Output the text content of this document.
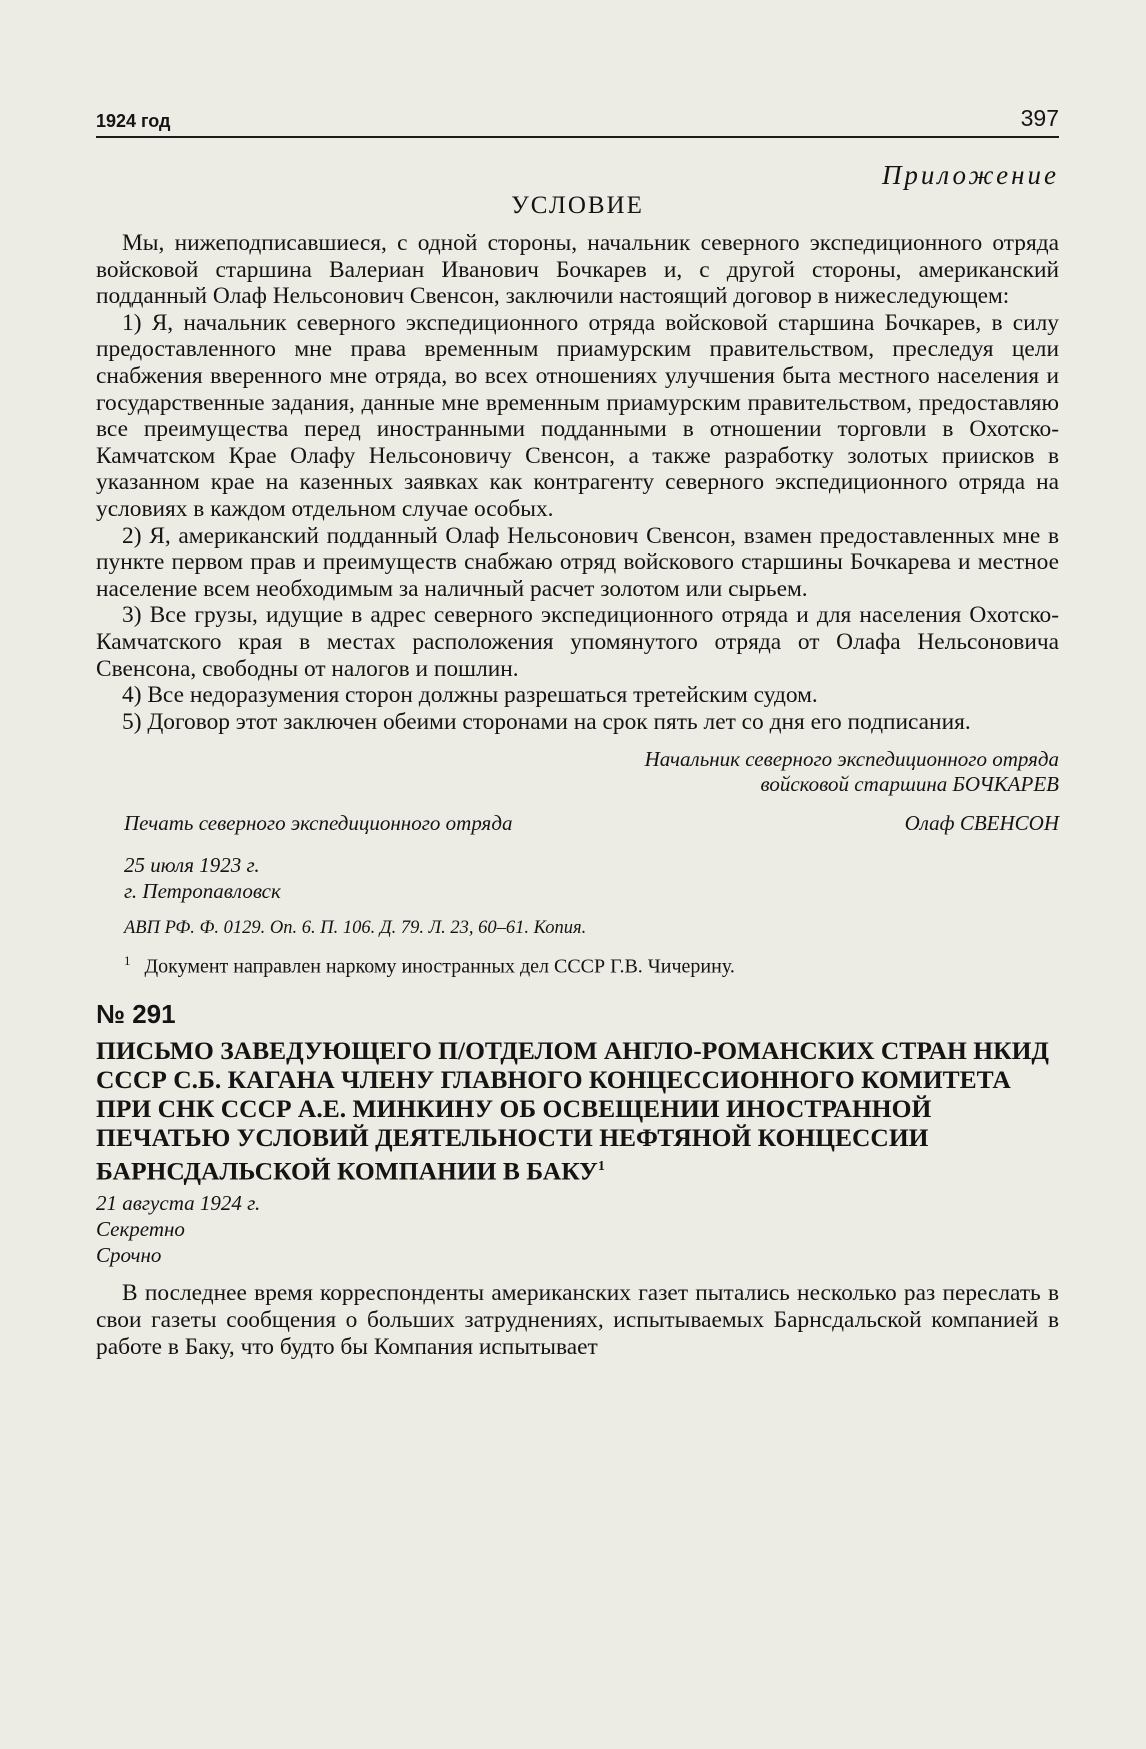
1924 год	397
Приложение
УСЛОВИЕ

Мы, нижеподписавшиеся, с одной стороны, начальник северного экспедиционного отряда войсковой старшина Валериан Иванович Бочкарев и, с другой стороны, американский подданный Олаф Нельсонович Свенсон, заключили настоящий договор в нижеследующем:

1) Я, начальник северного экспедиционного отряда войсковой старшина Бочкарев, в силу предоставленного мне права временным приамурским правительством, преследуя цели снабжения вверенного мне отряда, во всех отношениях улучшения быта местного населения и государственные задания, данные мне временным приамурским правительством, предоставляю все преимущества перед иностранными подданными в отношении торговли в Охотско-Камчатском Крае Олафу Нельсоновичу Свенсон, а также разработку золотых приисков в указанном крае на казенных заявках как контрагенту северного экспедиционного отряда на условиях в каждом отдельном случае особых.

2) Я, американский подданный Олаф Нельсонович Свенсон, взамен предоставленных мне в пункте первом прав и преимуществ снабжаю отряд войскового старшины Бочкарева и местное население всем необходимым за наличный расчет золотом или сырьем.

3) Все грузы, идущие в адрес северного экспедиционного отряда и для населения Охотско-Камчатского края в местах расположения упомянутого отряда от Олафа Нельсоновича Свенсона, свободны от налогов и пошлин.

4) Все недоразумения сторон должны разрешаться третейским судом.

5) Договор этот заключен обеими сторонами на срок пять лет со дня его подписания.

Начальник северного экспедиционного отряда

войсковой старшина БОЧКАРЕВ

Печать северного экспедиционного отряда	Олаф СВЕНСОН

25 июля 1923 г.

г. Петропавловск

АВП РФ. Ф. 0129. Оп. 6. П. 106. Д. 79. Л. 23, 60–61. Копия.
$^1$ Документ направлен наркому иностранных дел СССР Г.В. Чичерину.
№ 291

ПИСЬМО ЗАВЕДУЮЩЕГО П/ОТДЕЛОМ АНГЛО-РОМАНСКИХ СТРАН НКИД СССР С.Б. КАГАНА ЧЛЕНУ ГЛАВНОГО КОНЦЕССИОННОГО КОМИТЕТА ПРИ СНК СССР А.Е. МИНКИНУ ОБ ОСВЕЩЕНИИ ИНОСТРАННОЙ ПЕЧАТЬЮ УСЛОВИЙ ДЕЯТЕЛЬНОСТИ НЕФТЯНОЙ КОНЦЕССИИ БАРНСДАЛЬСКОЙ КОМПАНИИ В БАКУ$^1$

21 августа 1924 г.
Секретно
Срочно

В последнее время корреспонденты американских газет пытались несколько раз переслать в свои газеты сообщения о больших затруднениях, испытываемых Барнсдальской компанией в работе в Баку, что будто бы Компания испытывает
